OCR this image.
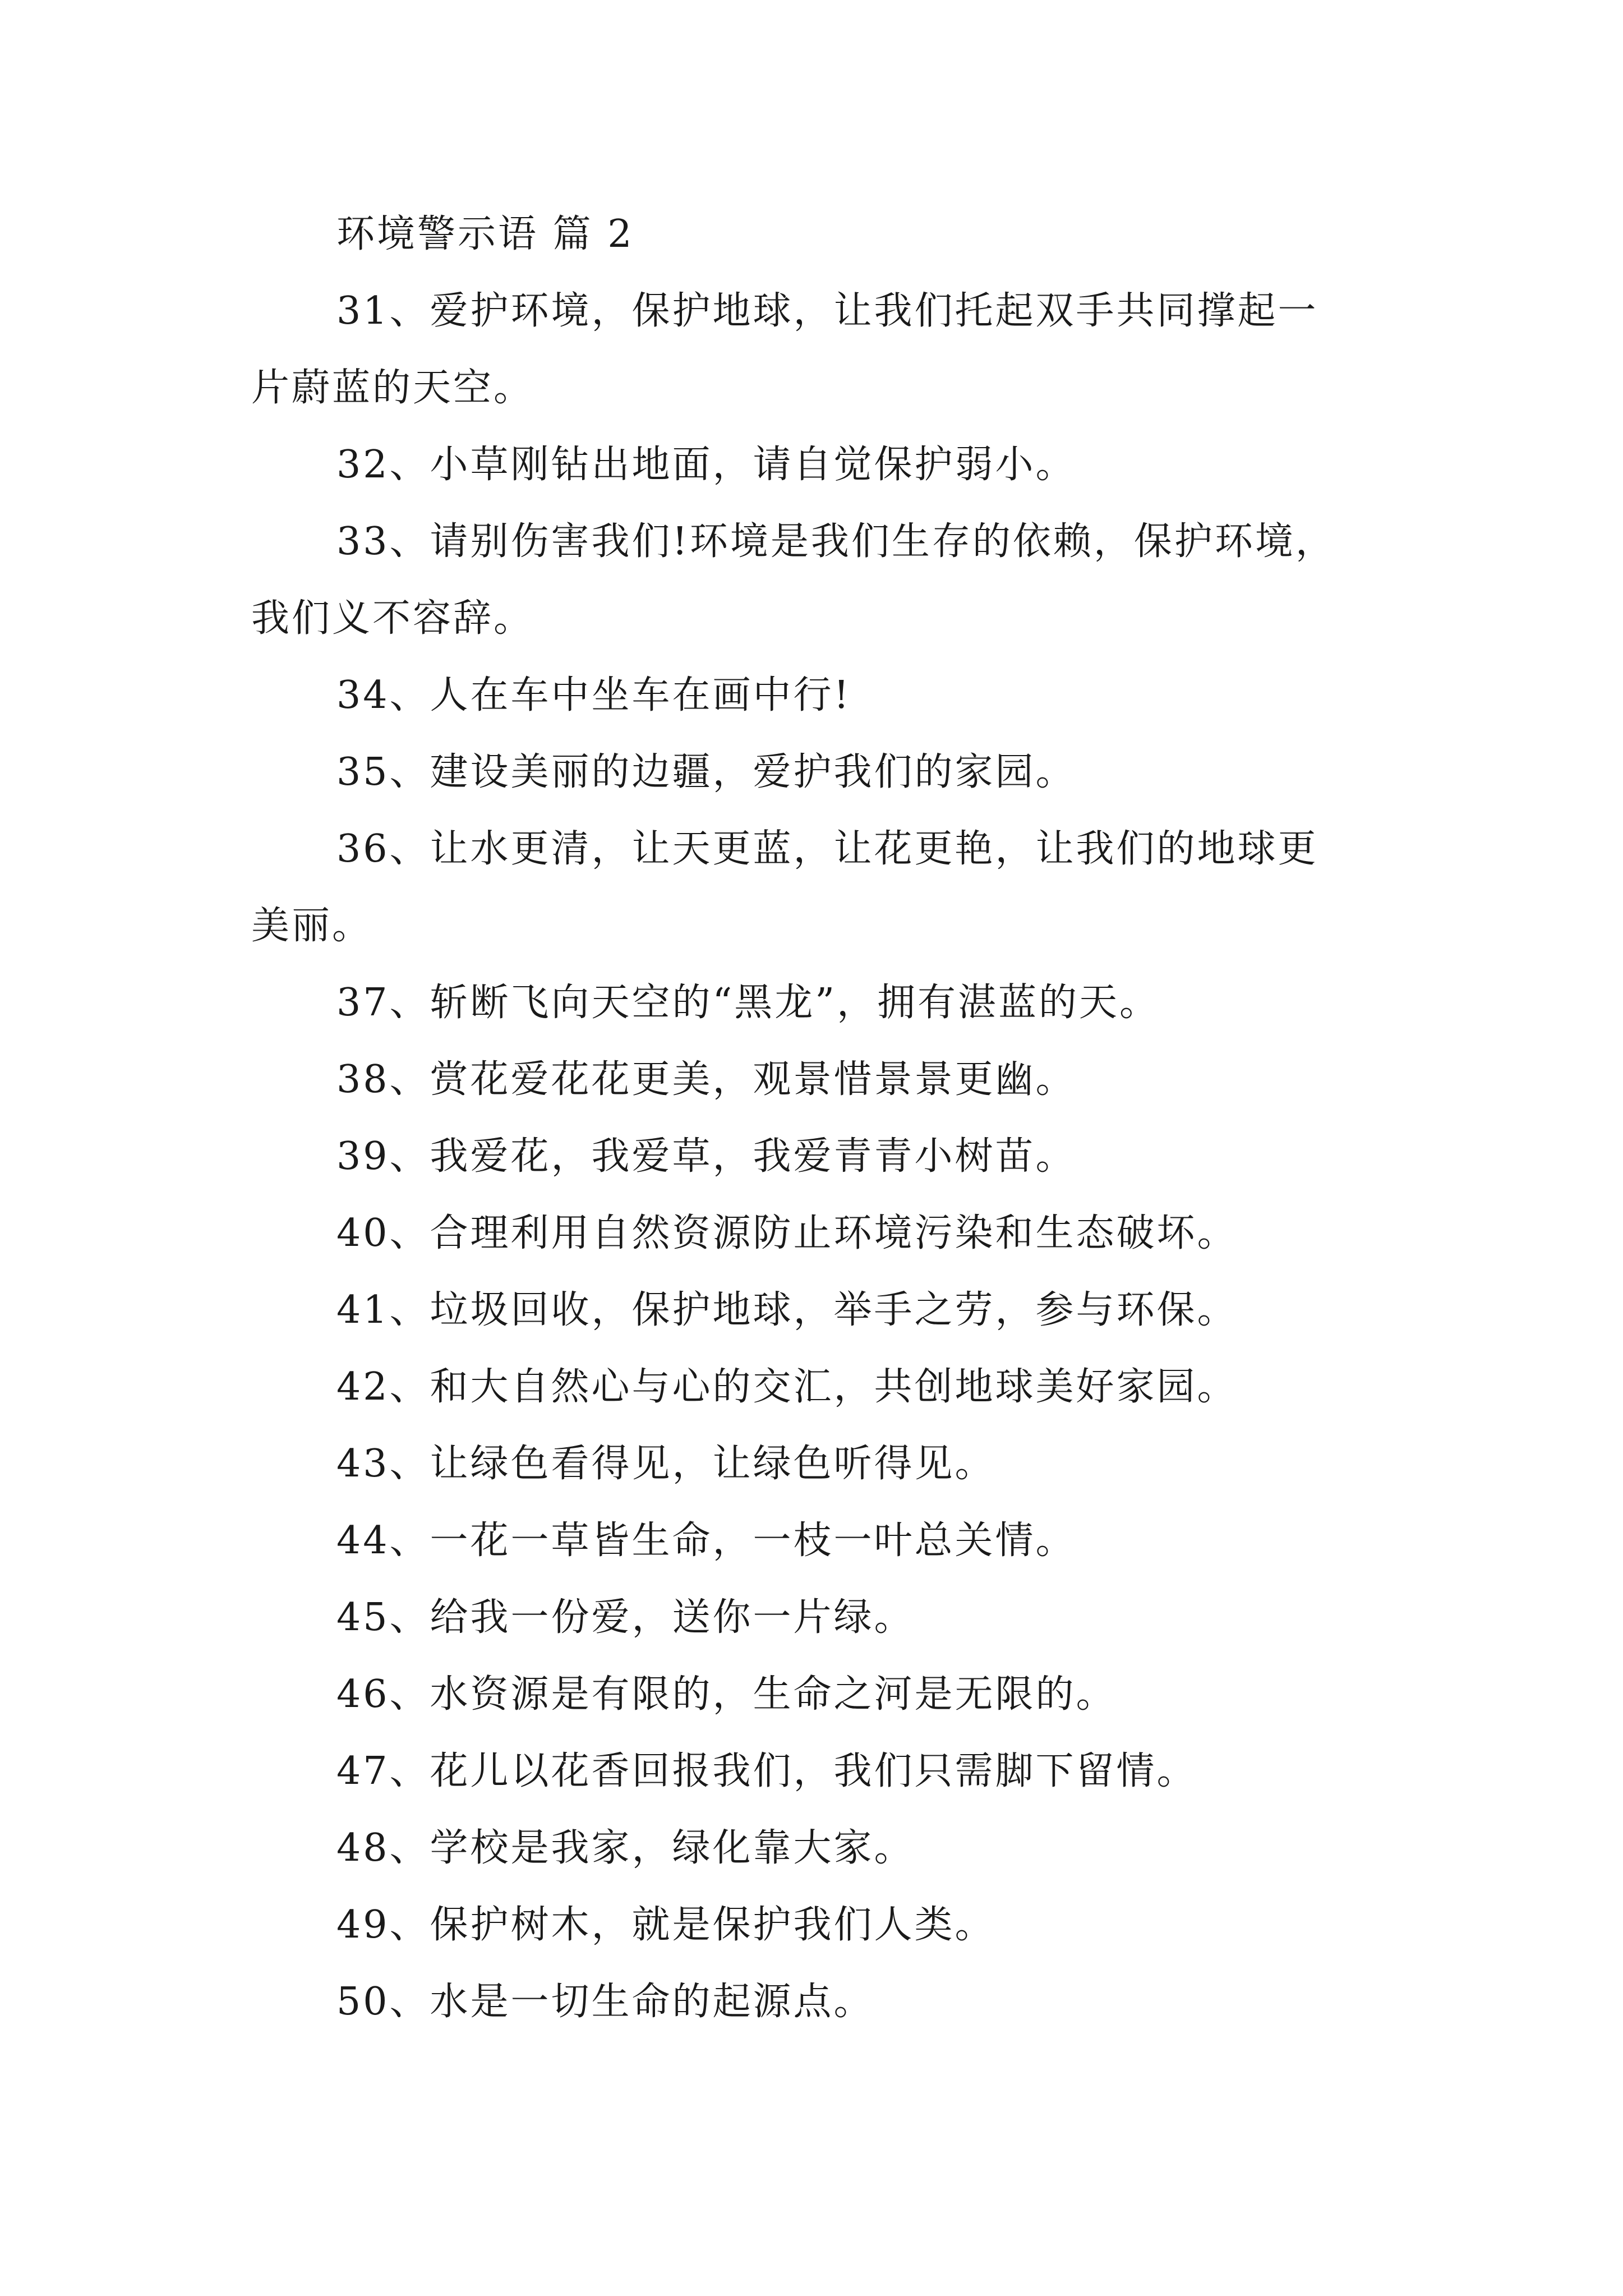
环境警示语 篇 2
31、爱护环境，保护地球，让我们托起双手共同撑起一
片蔚蓝的天空。
32、小草刚钻出地面，请自觉保护弱小。
33、请别伤害我们!环境是我们生存的依赖，保护环境，
我们义不容辞。
34、人在车中坐车在画中行!
35、建设美丽的边疆，爱护我们的家园。
36、让水更清，让天更蓝，让花更艳，让我们的地球更
美丽。
37、斩断飞向天空的“黑龙”，拥有湛蓝的天。
38、赏花爱花花更美，观景惜景景更幽。
39、我爱花，我爱草，我爱青青小树苗。
40、合理利用自然资源防止环境污染和生态破坏。
41、垃圾回收，保护地球，举手之劳，参与环保。
42、和大自然心与心的交汇，共创地球美好家园。
43、让绿色看得见，让绿色听得见。
44、一花一草皆生命，一枝一叶总关情。
45、给我一份爱，送你一片绿。
46、水资源是有限的，生命之河是无限的。
47、花儿以花香回报我们，我们只需脚下留情。
48、学校是我家，绿化靠大家。
49、保护树木，就是保护我们人类。
50、水是一切生命的起源点。
